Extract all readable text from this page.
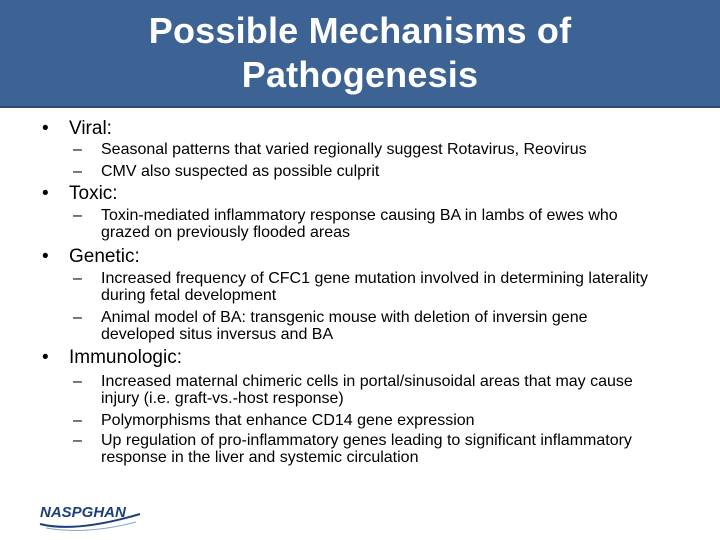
Possible Mechanisms of Pathogenesis
• Viral:
– Seasonal patterns that varied regionally suggest Rotavirus, Reovirus
– CMV also suspected as possible culprit
• Toxic:
– Toxin-mediated inflammatory response causing BA in lambs of ewes who grazed on previously flooded areas
• Genetic:
– Increased frequency of CFC1 gene mutation involved in determining laterality during fetal development
– Animal model of BA: transgenic mouse with deletion of inversin gene developed situs inversus and BA
• Immunologic:
– Increased maternal chimeric cells in portal/sinusoidal areas that may cause injury (i.e. graft-vs.-host response)
– Polymorphisms that enhance CD14 gene expression
– Up regulation of pro-inflammatory genes leading to significant inflammatory response in the liver and systemic circulation
NASPGHAN
